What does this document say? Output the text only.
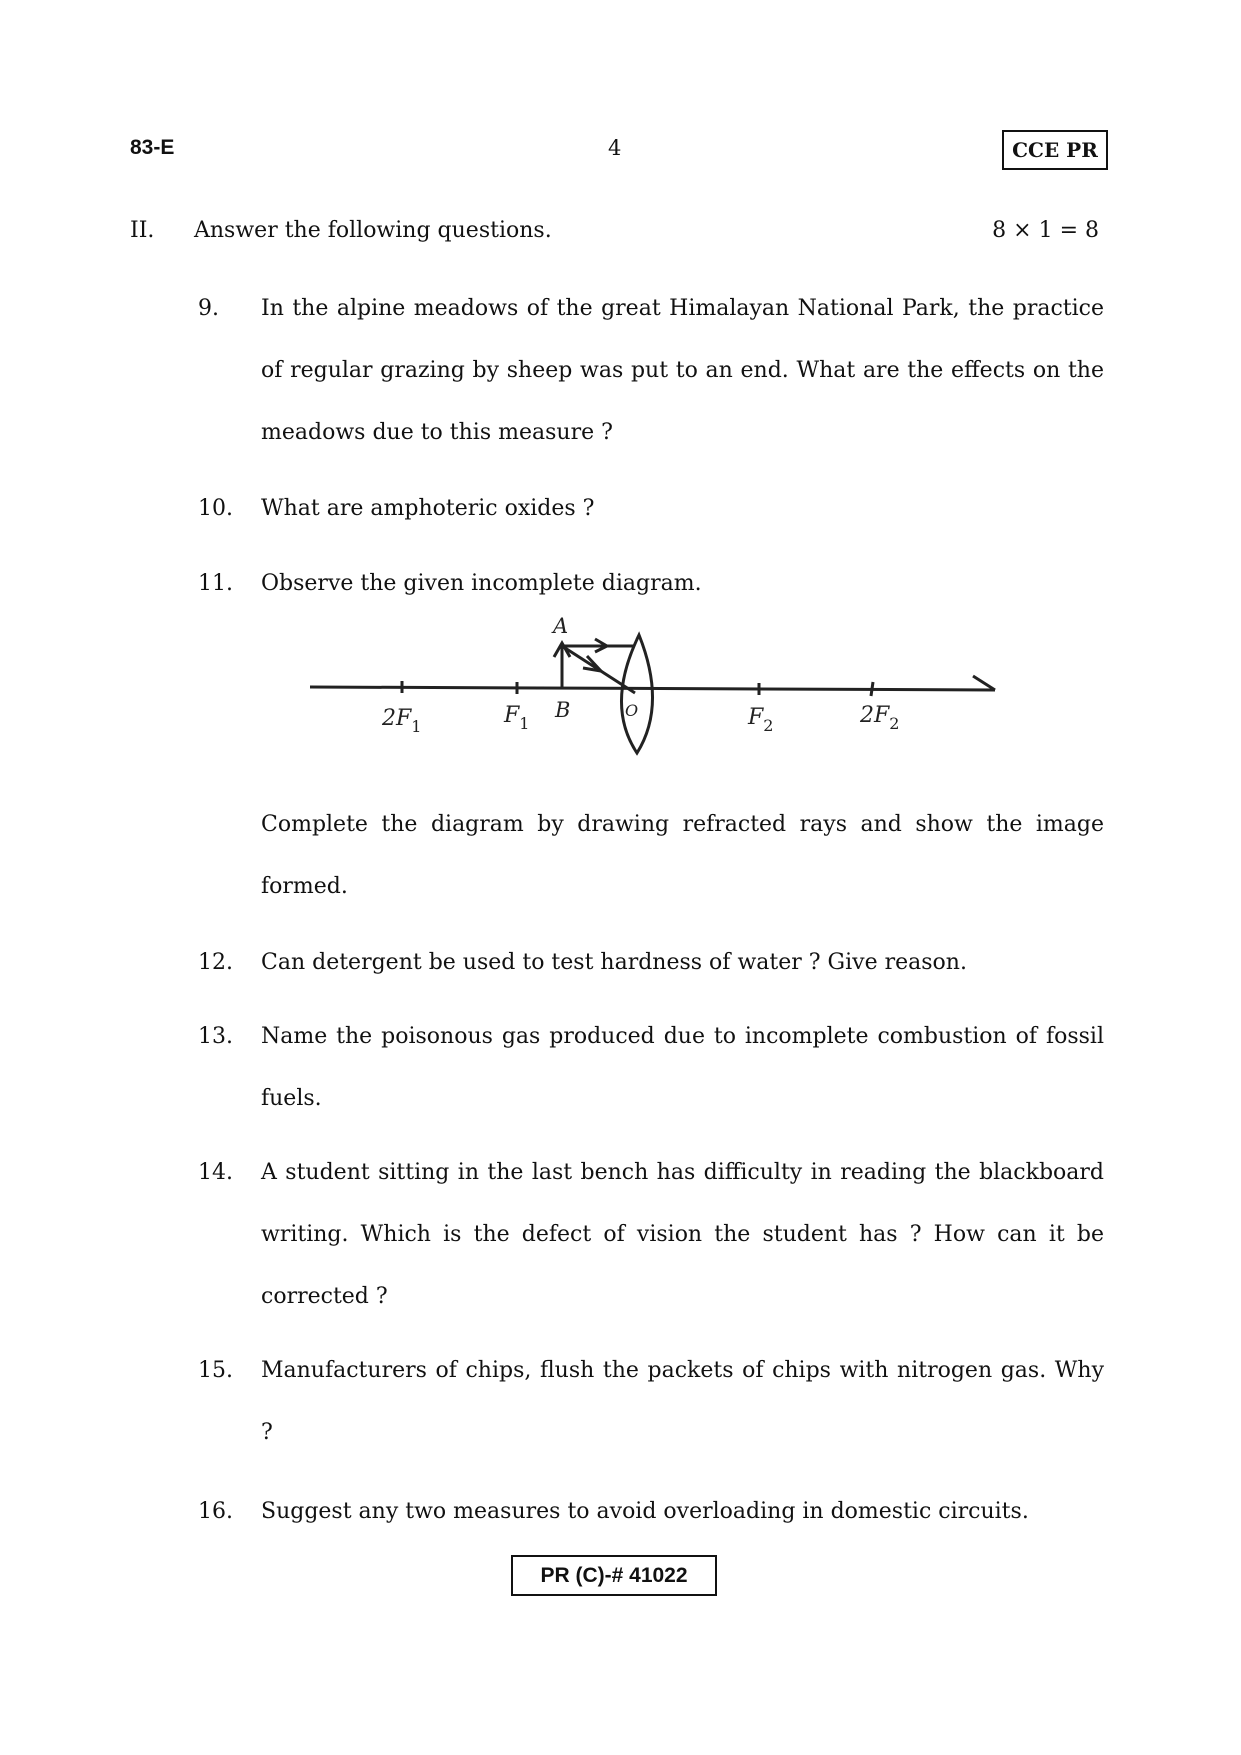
83-E	4	CCE PR
II. Answer the following questions.	8 × 1 = 8
9.	In the alpine meadows of the great Himalayan National Park, the practice of regular grazing by sheep was put to an end. What are the effects on the meadows due to this measure ?
10.	What are amphoteric oxides ?
11.	Observe the given incomplete diagram.
A
B	O
$2F_1$	$F_1$	$F_2$	$2F_2$
Complete the diagram by drawing refracted rays and show the image formed.
12.	Can detergent be used to test hardness of water ? Give reason.
13.	Name the poisonous gas produced due to incomplete combustion of fossil fuels.
14.	A student sitting in the last bench has difficulty in reading the blackboard writing. Which is the defect of vision the student has ? How can it be corrected ?
15.	Manufacturers of chips, flush the packets of chips with nitrogen gas. Why ?
16.	Suggest any two measures to avoid overloading in domestic circuits.
PR (C)-# 41022
